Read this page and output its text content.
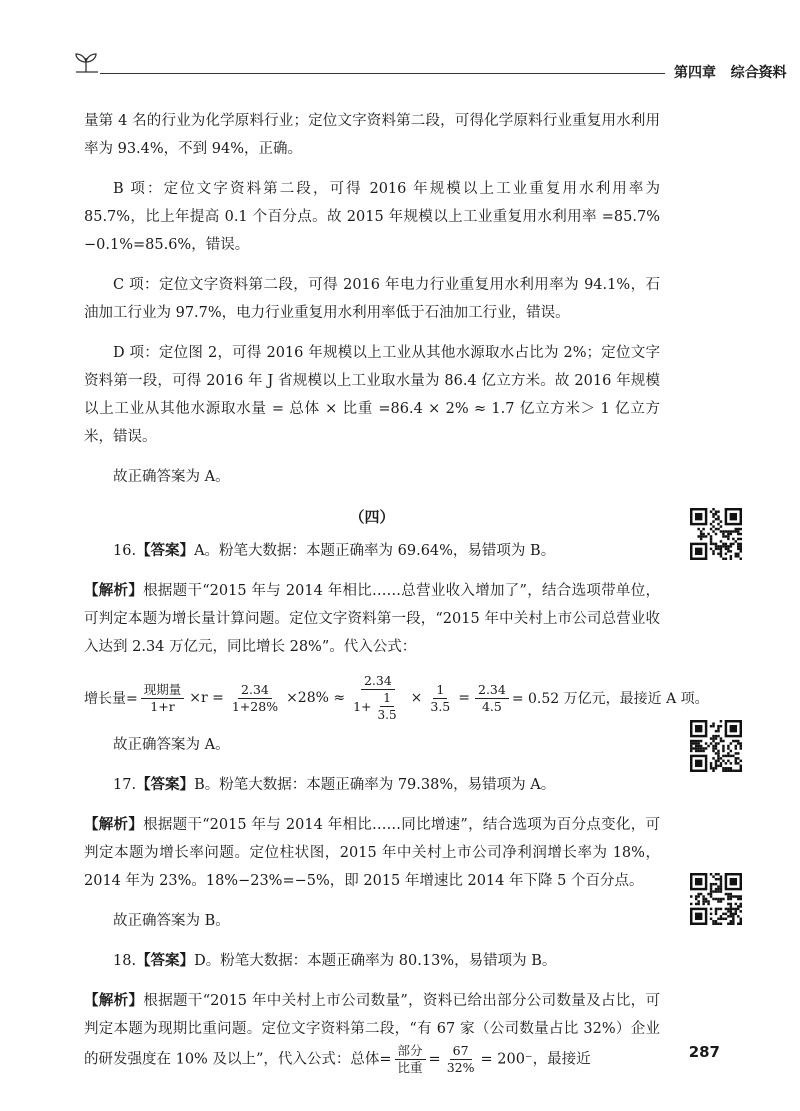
第四章 综合资料

量第 4 名的行业为化学原料行业；定位文字资料第二段，可得化学原料行业重复用水利用率为 93.4%，不到 94%，正确。

B 项：定位文字资料第二段，可得 2016 年规模以上工业重复用水利用率为 85.7%，比上年提高 0.1 个百分点。故 2015 年规模以上工业重复用水利用率 =85.7%−0.1%=85.6%，错误。

C 项：定位文字资料第二段，可得 2016 年电力行业重复用水利用率为 94.1%，石油加工行业为 97.7%，电力行业重复用水利用率低于石油加工行业，错误。

D 项：定位图 2，可得 2016 年规模以上工业从其他水源取水占比为 2%；定位文字资料第一段，可得 2016 年 J 省规模以上工业取水量为 86.4 亿立方米。故 2016 年规模以上工业从其他水源取水量 = 总体 × 比重 =86.4 × 2% ≈ 1.7 亿立方米＞ 1 亿立方米，错误。

故正确答案为 A。

（四）

16.【答案】A。粉笔大数据：本题正确率为 69.64%，易错项为 B。

【解析】根据题干“2015 年与 2014 年相比……总营业收入增加了”，结合选项带单位，可判定本题为增长量计算问题。定位文字资料第一段，“2015 年中关村上市公司总营业收入达到 2.34 万亿元，同比增长 28%”。代入公式：

增长量= $\frac{\text{现期量}}{1+r} \times r = \frac{2.34}{1+28\%} \times 28\% \approx \frac{2.34}{1+ \frac{1}{3.5}} \times \frac{1}{3.5} = \frac{2.34}{4.5} = 0.52$ 万亿元，最接近 A 项。

故正确答案为 A。

17.【答案】B。粉笔大数据：本题正确率为 79.38%，易错项为 A。

【解析】根据题干“2015 年与 2014 年相比……同比增速”，结合选项为百分点变化，可判定本题为增长率问题。定位柱状图，2015 年中关村上市公司净利润增长率为 18%，2014 年为 23%。18%−23%=−5%，即 2015 年增速比 2014 年下降 5 个百分点。

故正确答案为 B。

18.【答案】D。粉笔大数据：本题正确率为 80.13%，易错项为 B。

【解析】根据题干“2015 年中关村上市公司数量”，资料已给出部分公司数量及占比，可判定本题为现期比重问题。定位文字资料第二段，“有 67 家（公司数量占比 32%）企业的研发强度在 10% 及以上”，代入公式：总体= $\frac{\text{部分}}{\text{比重}} = \frac{67}{32\%} = 200^-$，最接近	287
